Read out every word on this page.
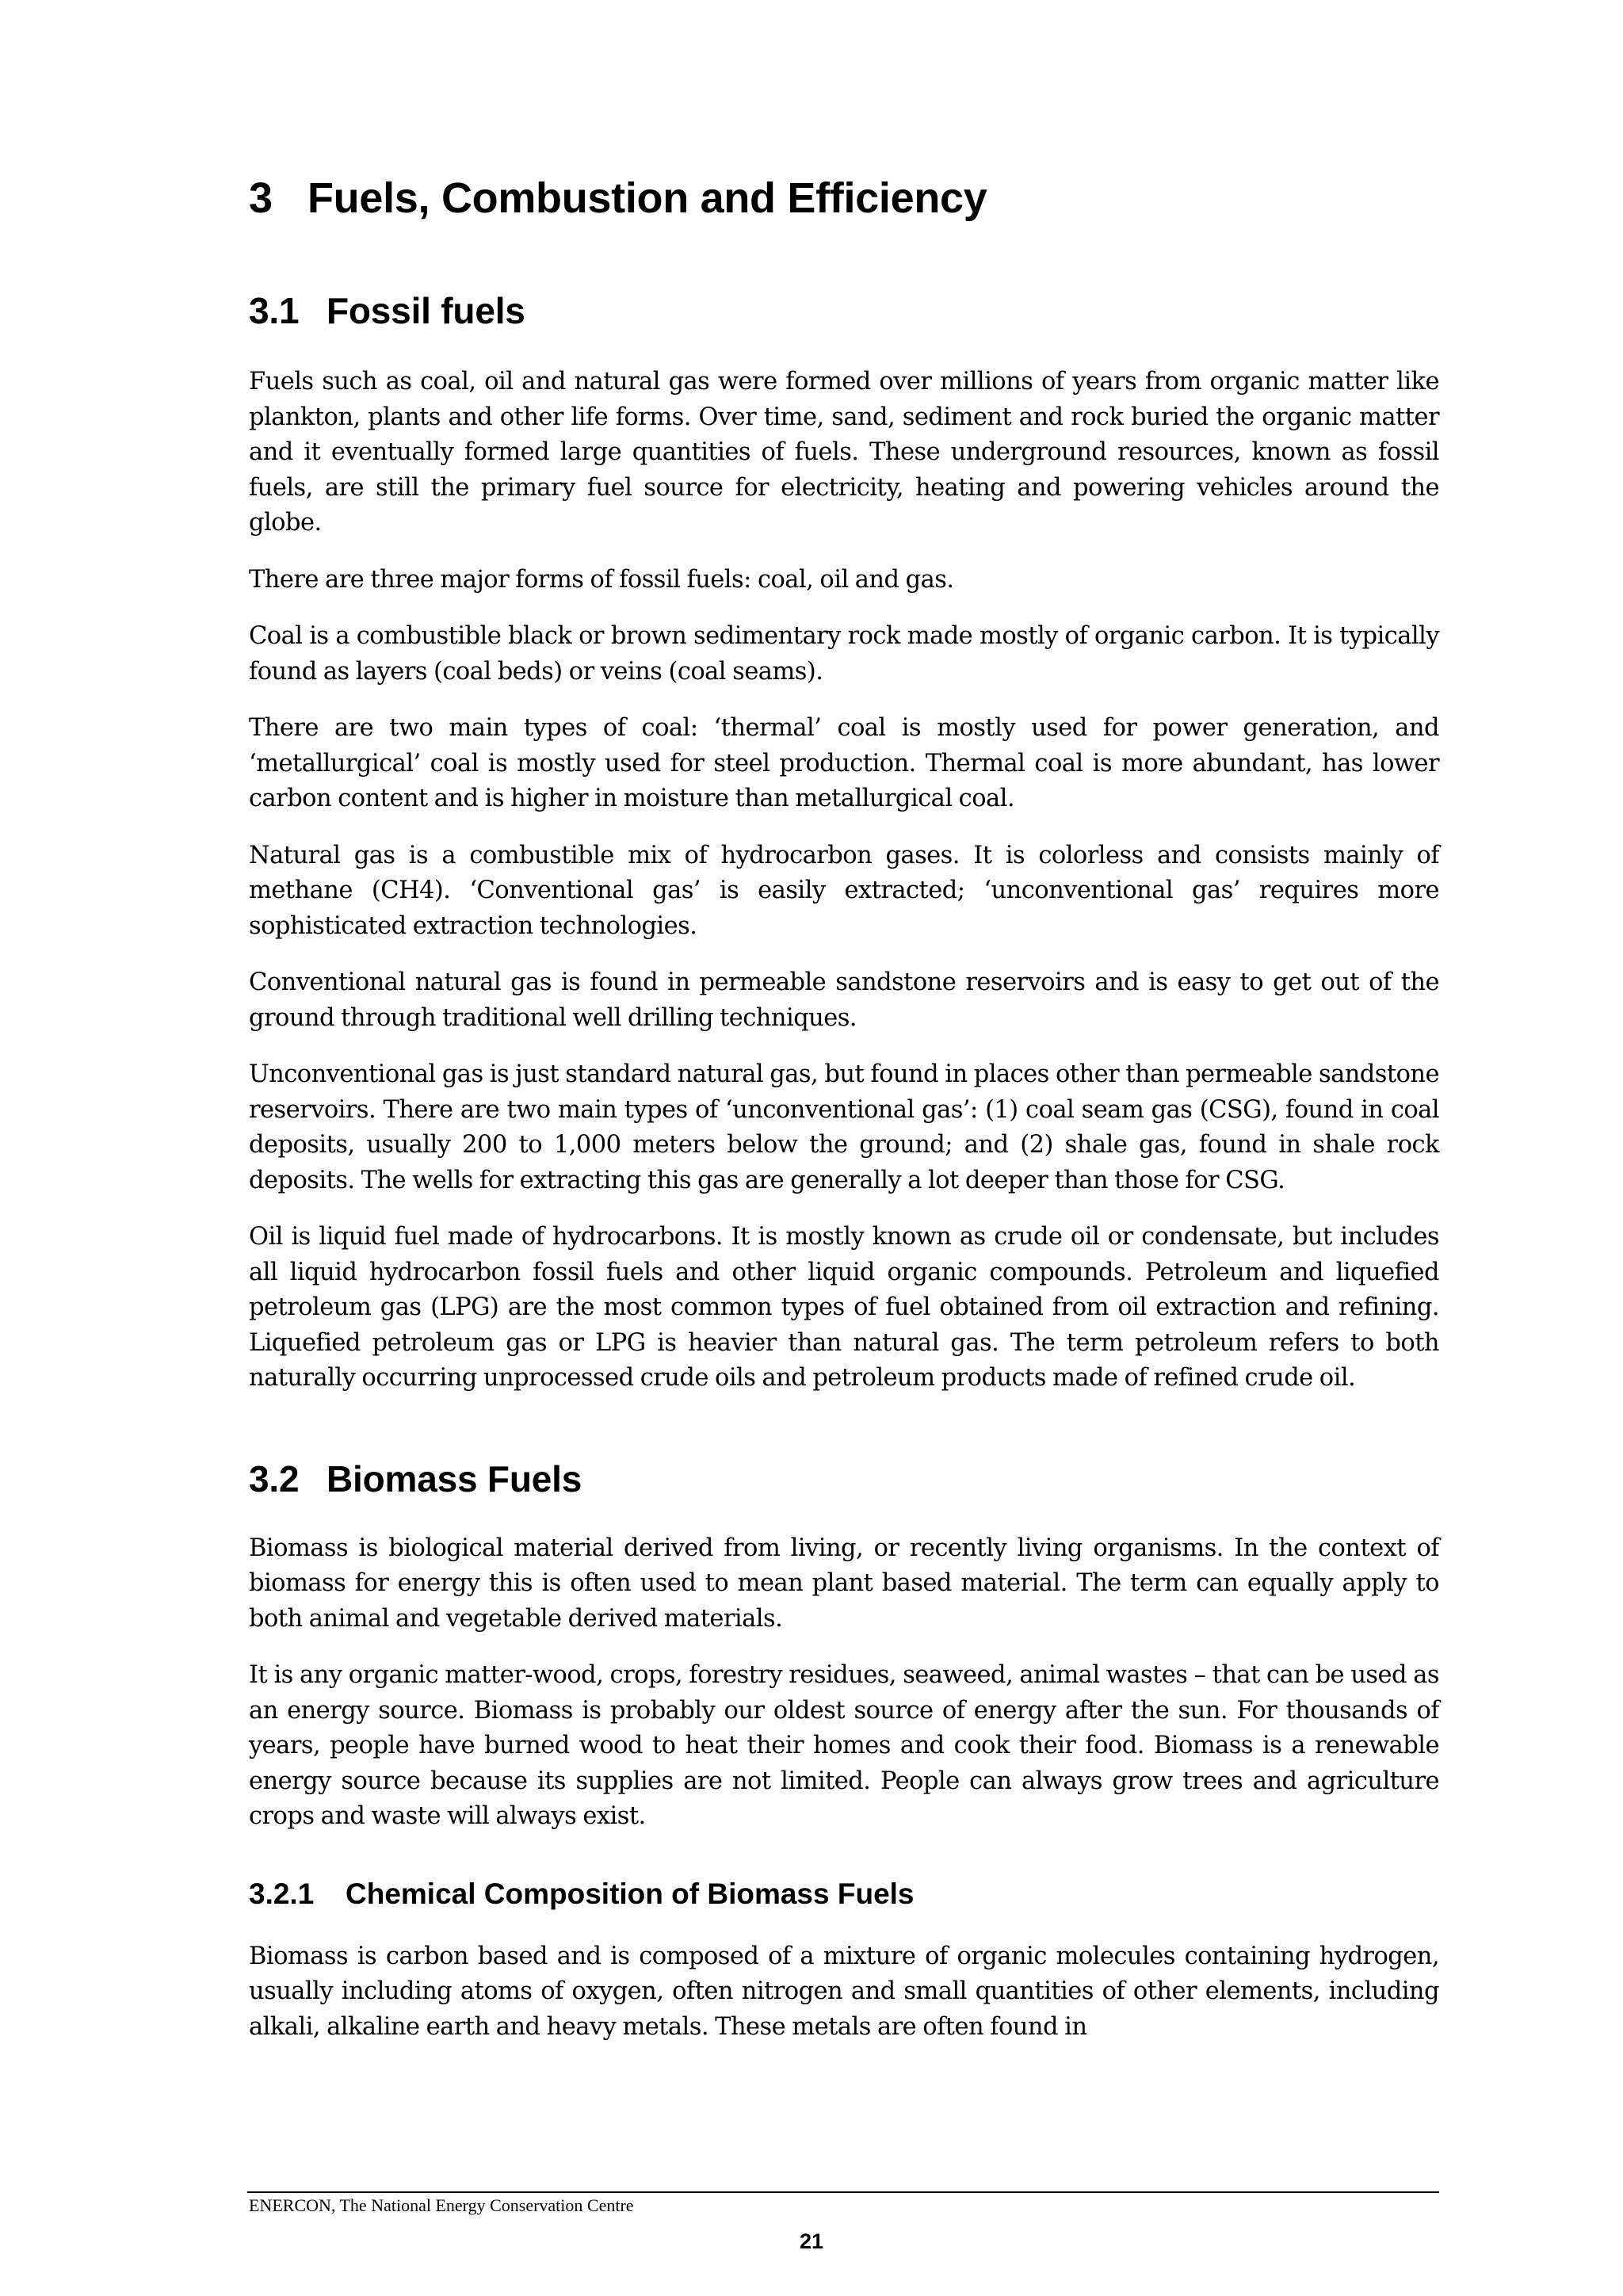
3 Fuels, Combustion and Efficiency
3.1 Fossil fuels

Fuels such as coal, oil and natural gas were formed over millions of years from organic matter like plankton, plants and other life forms. Over time, sand, sediment and rock buried the organic matter and it eventually formed large quantities of fuels. These underground resources, known as fossil fuels, are still the primary fuel source for electricity, heating and powering vehicles around the globe.

There are three major forms of fossil fuels: coal, oil and gas.

Coal is a combustible black or brown sedimentary rock made mostly of organic carbon. It is typically found as layers (coal beds) or veins (coal seams).

There are two main types of coal: ‘thermal’ coal is mostly used for power generation, and ‘metallurgical’ coal is mostly used for steel production. Thermal coal is more abundant, has lower carbon content and is higher in moisture than metallurgical coal.

Natural gas is a combustible mix of hydrocarbon gases. It is colorless and consists mainly of methane (CH4). ‘Conventional gas’ is easily extracted; ‘unconventional gas’ requires more sophisticated extraction technologies.

Conventional natural gas is found in permeable sandstone reservoirs and is easy to get out of the ground through traditional well drilling techniques.

Unconventional gas is just standard natural gas, but found in places other than permeable sandstone reservoirs. There are two main types of ‘unconventional gas’: (1) coal seam gas (CSG), found in coal deposits, usually 200 to 1,000 meters below the ground; and (2) shale gas, found in shale rock deposits. The wells for extracting this gas are generally a lot deeper than those for CSG.

Oil is liquid fuel made of hydrocarbons. It is mostly known as crude oil or condensate, but includes all liquid hydrocarbon fossil fuels and other liquid organic compounds. Petroleum and liquefied petroleum gas (LPG) are the most common types of fuel obtained from oil extraction and refining. Liquefied petroleum gas or LPG is heavier than natural gas. The term petroleum refers to both naturally occurring unprocessed crude oils and petroleum products made of refined crude oil.

3.2 Biomass Fuels

Biomass is biological material derived from living, or recently living organisms. In the context of biomass for energy this is often used to mean plant based material. The term can equally apply to both animal and vegetable derived materials.

It is any organic matter-wood, crops, forestry residues, seaweed, animal wastes – that can be used as an energy source. Biomass is probably our oldest source of energy after the sun. For thousands of years, people have burned wood to heat their homes and cook their food. Biomass is a renewable energy source because its supplies are not limited. People can always grow trees and agriculture crops and waste will always exist.

3.2.1 Chemical Composition of Biomass Fuels

Biomass is carbon based and is composed of a mixture of organic molecules containing hydrogen, usually including atoms of oxygen, often nitrogen and small quantities of other elements, including alkali, alkaline earth and heavy metals. These metals are often found in

ENERCON, The National Energy Conservation Centre
21
